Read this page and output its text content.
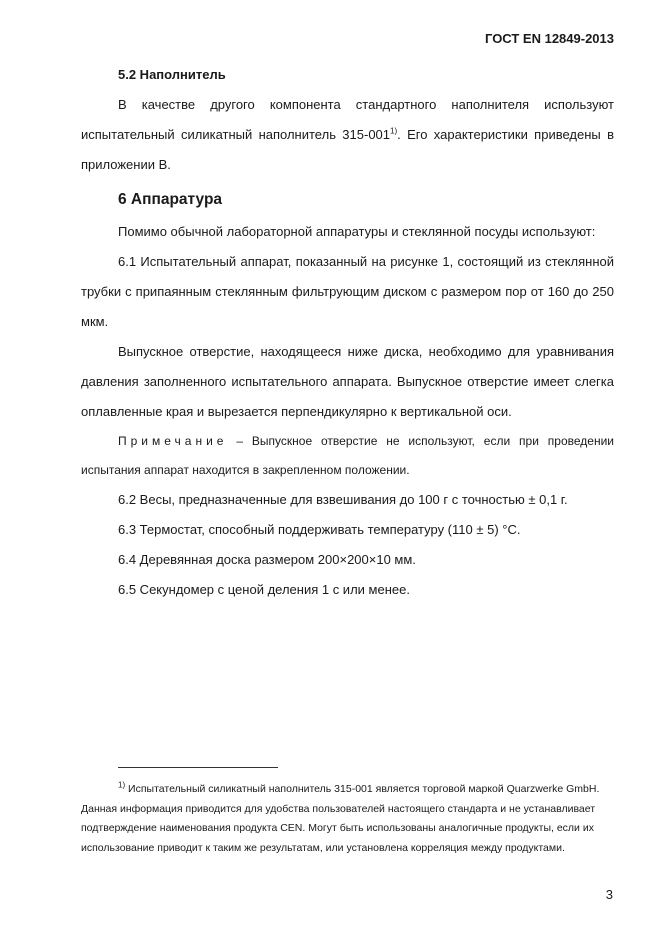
ГОСТ EN 12849-2013

5.2 Наполнитель

В качестве другого компонента стандартного наполнителя используют испытательный силикатный наполнитель 315-001$^{1)}$. Его характеристики приведены в приложении В.

6 Аппаратура

Помимо обычной лабораторной аппаратуры и стеклянной посуды используют:

6.1 Испытательный аппарат, показанный на рисунке 1, состоящий из стеклянной трубки с припаянным стеклянным фильтрующим диском с размером пор от 160 до 250 мкм.

Выпускное отверстие, находящееся ниже диска, необходимо для уравнивания давления заполненного испытательного аппарата. Выпускное отверстие имеет слегка оплавленные края и вырезается перпендикулярно к вертикальной оси.

Примечание – Выпускное отверстие не используют, если при проведении испытания аппарат находится в закрепленном положении.

6.2 Весы, предназначенные для взвешивания до 100 г с точностью ± 0,1 г.

6.3 Термостат, способный поддерживать температуру (110 ± 5) °С.

6.4 Деревянная доска размером 200×200×10 мм.

6.5 Секундомер с ценой деления 1 с или менее.

$^{1)}$ Испытательный силикатный наполнитель 315-001 является торговой маркой Quarzwerke GmbH. Данная информация приводится для удобства пользователей настоящего стандарта и не устанавливает подтверждение наименования продукта CEN. Могут быть использованы аналогичные продукты, если их использование приводит к таким же результатам, или установлена корреляция между продуктами.

3
